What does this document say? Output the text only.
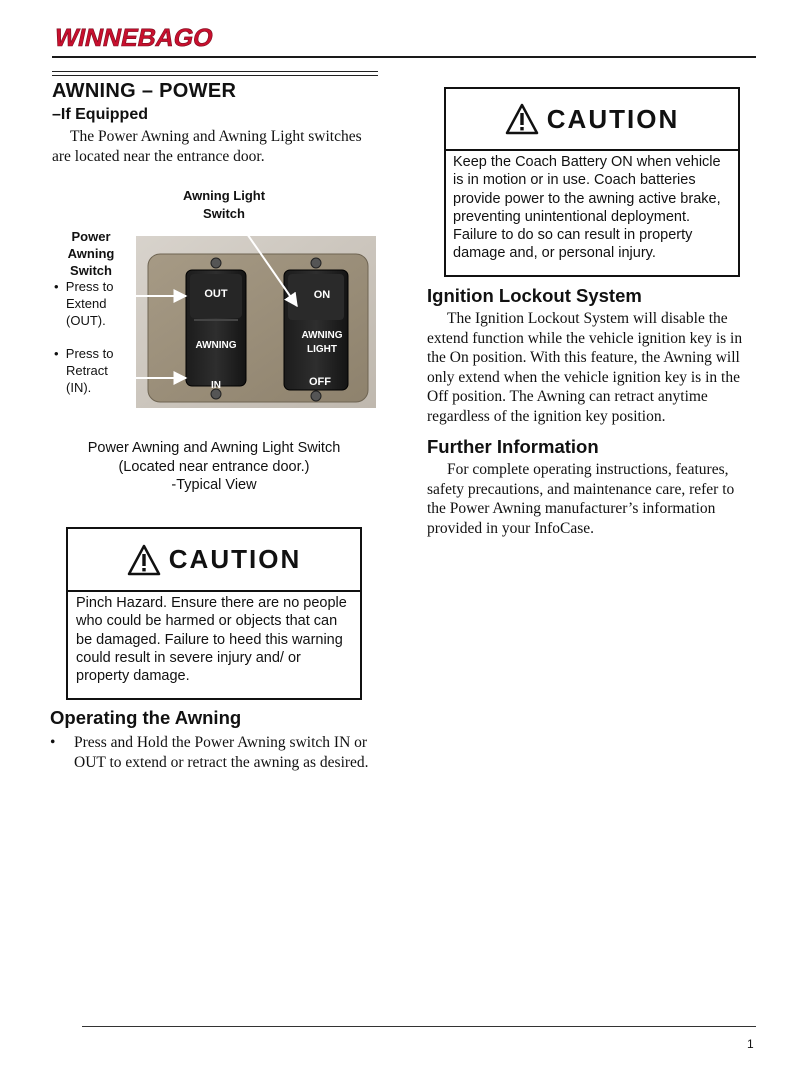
WINNEBAGO
AWNING – POWER
–If Equipped
The Power Awning and Awning Light switches are located near the entrance door.
Awning Light
Switch
Power
Awning
Switch
• Press to
Extend
(OUT).
• Press to
Retract
(IN).
OUT
AWNING
IN
ON
AWNING
LIGHT
OFF
Power Awning and Awning Light Switch
(Located near entrance door.)
-Typical View
CAUTION
Pinch Hazard. Ensure there are no people who could be harmed or objects that can be damaged. Failure to heed this warning could result in severe injury and/ or property damage.
Operating the Awning
•	Press and Hold the Power Awning switch IN or OUT to extend or retract the awning as desired.
CAUTION
Keep the Coach Battery ON when vehicle is in motion or in use. Coach batteries provide power to the awning active brake, preventing unintentional deployment. Failure to do so can result in property damage and, or personal injury.
Ignition Lockout System
The Ignition Lockout System will disable the extend function while the vehicle ignition key is in the On position. With this feature, the Awning will only extend when the vehicle ignition key is in the Off position. The Awning can retract anytime regardless of the ignition key position.
Further Information
For complete operating instructions, features, safety precautions, and maintenance care, refer to the Power Awning manufacturer’s information provided in your InfoCase.
1
